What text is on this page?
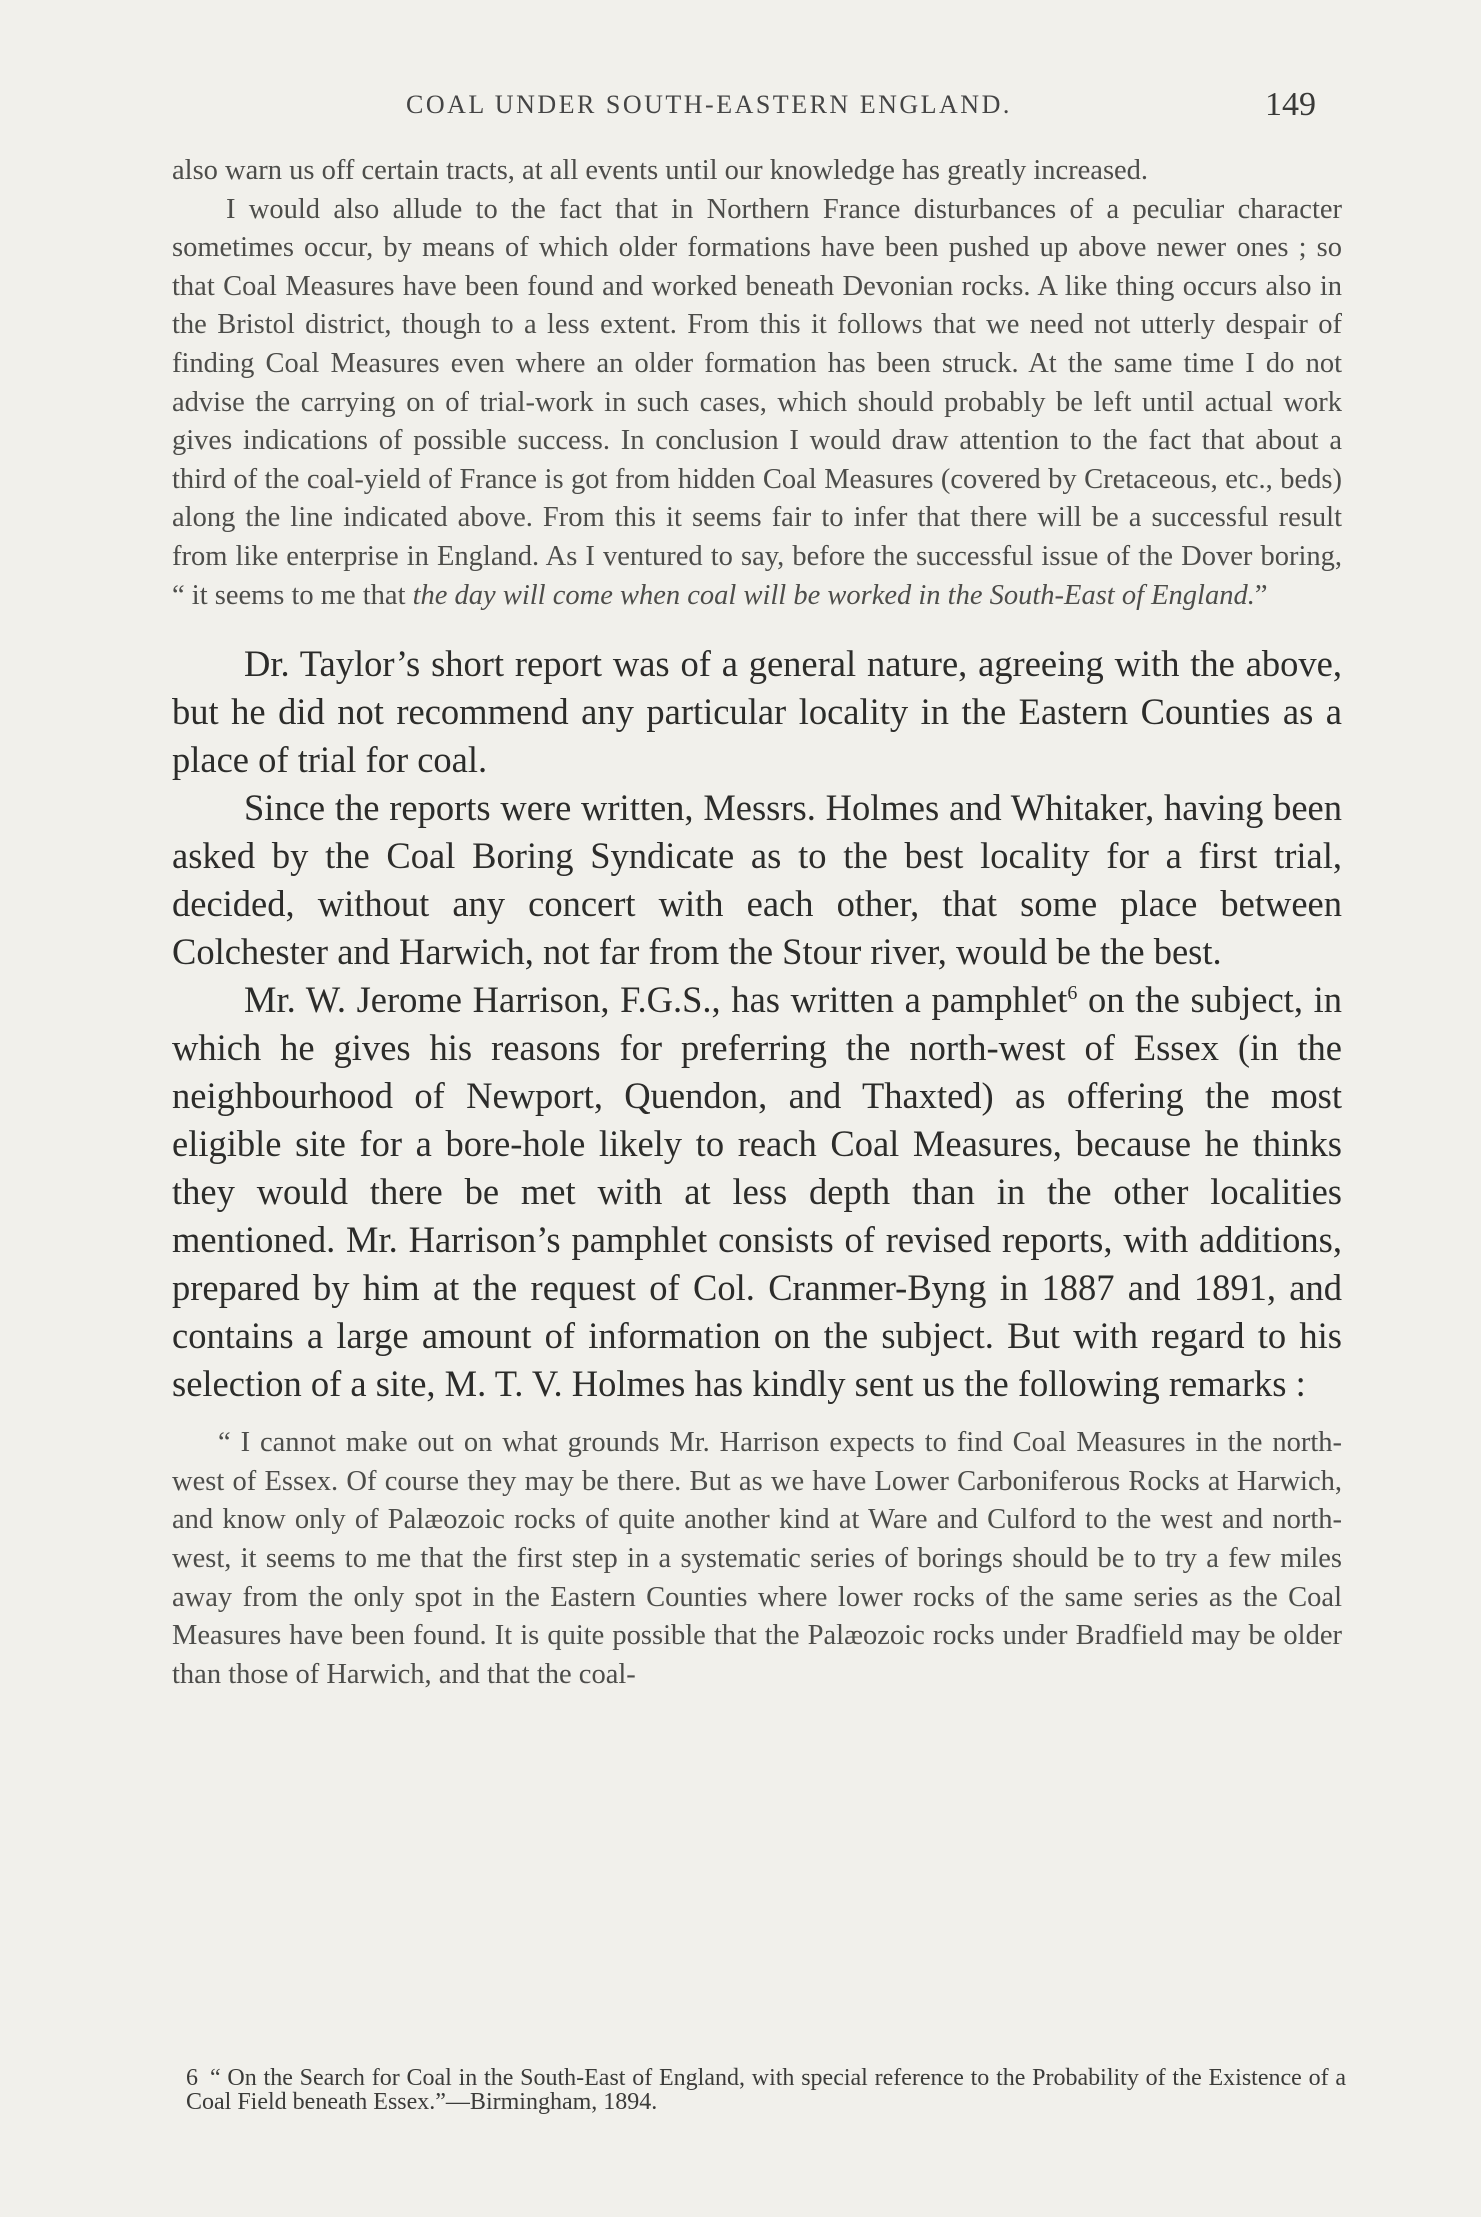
COAL UNDER SOUTH-EASTERN ENGLAND.	149

also warn us off certain tracts, at all events until our knowledge has greatly increased.

I would also allude to the fact that in Northern France disturbances of a peculiar character sometimes occur, by means of which older formations have been pushed up above newer ones ; so that Coal Measures have been found and worked beneath Devonian rocks. A like thing occurs also in the Bristol district, though to a less extent. From this it follows that we need not utterly despair of finding Coal Measures even where an older formation has been struck. At the same time I do not advise the carrying on of trial-work in such cases, which should probably be left until actual work gives indications of possible success. In conclusion I would draw attention to the fact that about a third of the coal-yield of France is got from hidden Coal Measures (covered by Cretaceous, etc., beds) along the line indicated above. From this it seems fair to infer that there will be a successful result from like enterprise in England. As I ventured to say, before the successful issue of the Dover boring, “ it seems to me that the day will come when coal will be worked in the South-East of England.”

Dr. Taylor’s short report was of a general nature, agreeing with the above, but he did not recommend any particular locality in the Eastern Counties as a place of trial for coal.

Since the reports were written, Messrs. Holmes and Whitaker, having been asked by the Coal Boring Syndicate as to the best locality for a first trial, decided, without any concert with each other, that some place between Colchester and Harwich, not far from the Stour river, would be the best.

Mr. W. Jerome Harrison, F.G.S., has written a pamphlet$^6$ on the subject, in which he gives his reasons for preferring the north-west of Essex (in the neighbourhood of Newport, Quendon, and Thaxted) as offering the most eligible site for a bore-hole likely to reach Coal Measures, because he thinks they would there be met with at less depth than in the other localities mentioned. Mr. Harrison’s pamphlet consists of revised reports, with additions, prepared by him at the request of Col. Cranmer-Byng in 1887 and 1891, and contains a large amount of information on the subject. But with regard to his selection of a site, M. T. V. Holmes has kindly sent us the following remarks :

“ I cannot make out on what grounds Mr. Harrison expects to find Coal Measures in the north-west of Essex. Of course they may be there. But as we have Lower Carboniferous Rocks at Harwich, and know only of Palæozoic rocks of quite another kind at Ware and Culford to the west and north-west, it seems to me that the first step in a systematic series of borings should be to try a few miles away from the only spot in the Eastern Counties where lower rocks of the same series as the Coal Measures have been found. It is quite possible that the Palæozoic rocks under Bradfield may be older than those of Harwich, and that the coal-

6 “ On the Search for Coal in the South-East of England, with special reference to the Probability of the Existence of a Coal Field beneath Essex.”—Birmingham, 1894.
